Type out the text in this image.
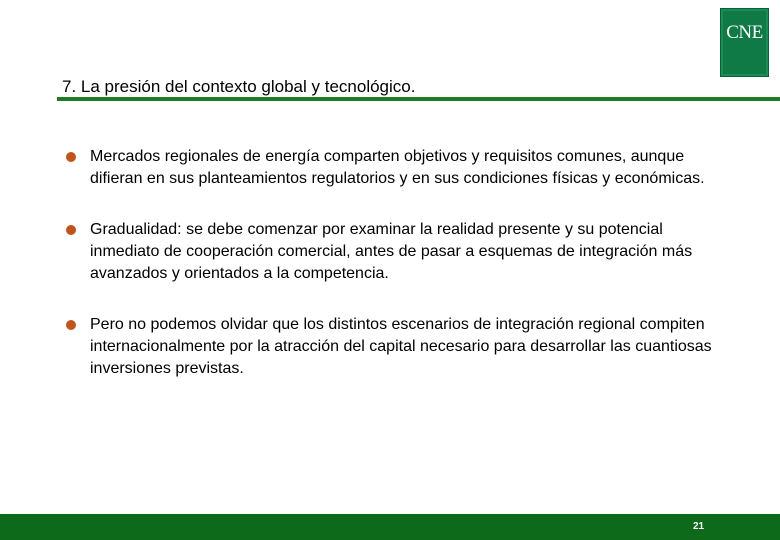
CNE
7. La presión del contexto global y tecnológico.
Mercados regionales de energía comparten objetivos y requisitos comunes, aunque difieran en sus planteamientos regulatorios y en sus condiciones físicas y económicas.
Gradualidad: se debe comenzar por examinar la realidad presente y su potencial inmediato de cooperación comercial, antes de pasar a esquemas de integración más avanzados y orientados a la competencia.
Pero no podemos olvidar que los distintos escenarios de integración regional compiten internacionalmente por la atracción del capital necesario para desarrollar las cuantiosas inversiones previstas.
21
